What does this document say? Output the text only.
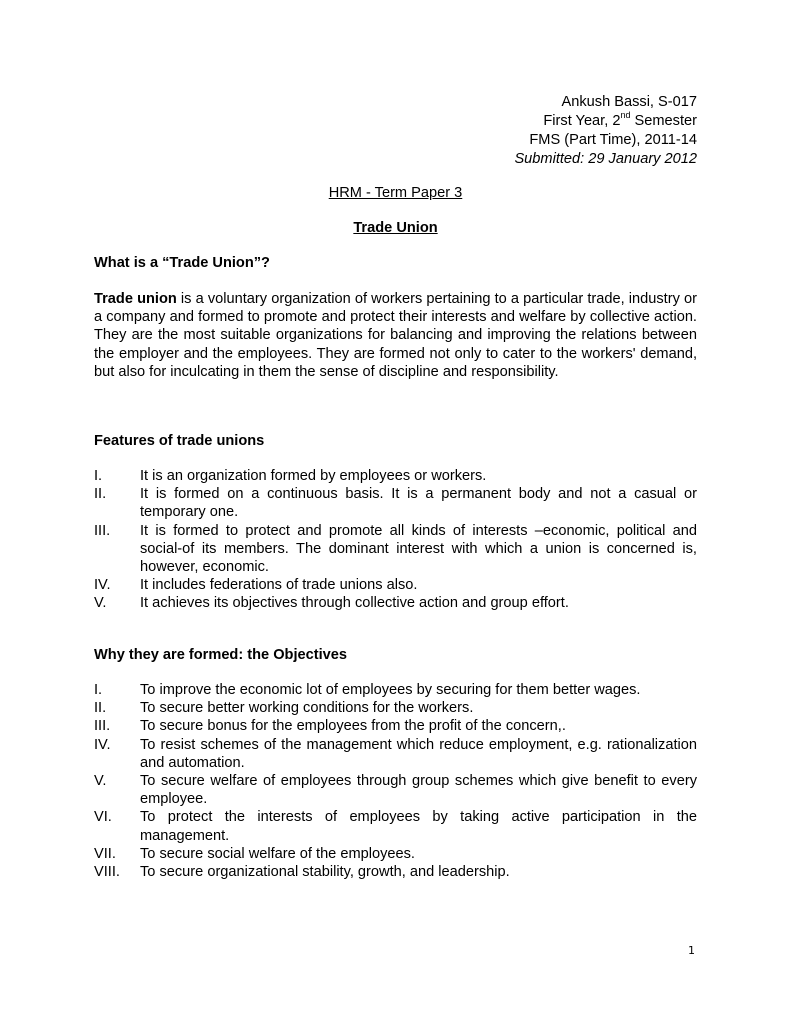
Ankush Bassi, S-017
First Year, 2nd Semester
FMS (Part Time), 2011-14
Submitted: 29 January 2012
HRM - Term Paper 3
Trade Union
What is a “Trade Union”?
Trade union is a voluntary organization of workers pertaining to a particular trade, industry or a company and formed to promote and protect their interests and welfare by collective action. They are the most suitable organizations for balancing and improving the relations between the employer and the employees. They are formed not only to cater to the workers' demand, but also for inculcating in them the sense of discipline and responsibility.
Features of trade unions
I.	It is an organization formed by employees or workers.
II.	It is formed on a continuous basis. It is a permanent body and not a casual or temporary one.
III.	It is formed to protect and promote all kinds of interests –economic, political and social-of its members. The dominant interest with which a union is concerned is, however, economic.
IV.	It includes federations of trade unions also.
V.	It achieves its objectives through collective action and group effort.
Why they are formed: the Objectives
I.	To improve the economic lot of employees by securing for them better wages.
II.	To secure better working conditions for the workers.
III.	To secure bonus for the employees from the profit of the concern,.
IV.	To resist schemes of the management which reduce employment, e.g. rationalization and automation.
V.	To secure welfare of employees through group schemes which give benefit to every employee.
VI.	To protect the interests of employees by taking active participation in the management.
VII.	To secure social welfare of the employees.
VIII.	To secure organizational stability, growth, and leadership.
1
